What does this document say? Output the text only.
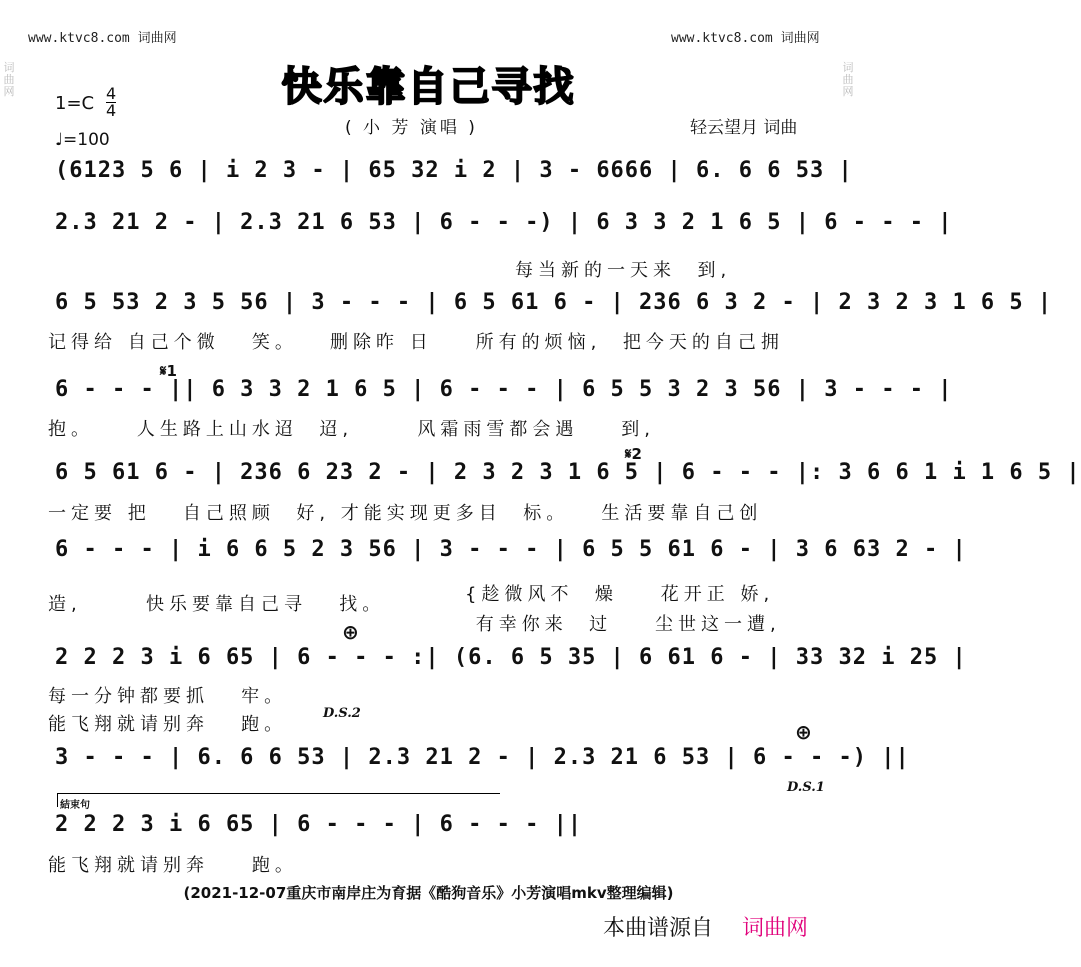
www.ktvc8.com 词曲网	www.ktvc8.com 词曲网
词曲网
词曲网
快乐靠自己寻找
1=C 4
4
♩=100
( 小 芳 演唱 )	轻云望月 词曲
(6123 5 6 | i 2 3 - | 65 32 i 2 | 3 - 6666 | 6. 6 6 53 |
2.3 21 2 - | 2.3 21 6 53 | 6 - - -) | 6 3 3 2 1 6 5 | 6 - - - |
每当新的一天来  到,
6 5 53 2 3 5 56 | 3 - - - | 6 5 61 6 - | 236 6 3 2 - | 2 3 2 3 1 6 5 |
记得给 自己个微   笑。   删除昨 日    所有的烦恼,  把今天的自己拥
𝄋1
6 - - - || 6 3 3 2 1 6 5 | 6 - - - | 6 5 5 3 2 3 56 | 3 - - - |
抱。    人生路上山水迢  迢,      风霜雨雪都会遇    到,
𝄋2
6 5 61 6 - | 236 6 23 2 - | 2 3 2 3 1 6 5 | 6 - - - |: 3 6 6 1 i 1 6 5 |
一定要 把   自己照顾  好, 才能实现更多目  标。   生活要靠自己创
6 - - - | i 6 6 5 2 3 56 | 3 - - - | 6 5 5 61 6 - | 3 6 63 2 - |
造,      快乐要靠自己寻   找。	{趁微风不  燥    花开正 娇,
有幸你来  过    尘世这一遭,
⊕
2 2 2 3 i 6 65 | 6 - - - :| (6. 6 5 35 | 6 61 6 - | 33 32 i 25 |
每一分钟都要抓   牢。
能飞翔就请别奔   跑。
D.S.2
⊕
3 - - - | 6. 6 6 53 | 2.3 21 2 - | 2.3 21 6 53 | 6 - - -) ||
D.S.1
結束句
2 2 2 3 i 6 65 | 6 - - - | 6 - - - ||
能飞翔就请别奔    跑。
(2021-12-07重庆市南岸庄为育据《酷狗音乐》小芳演唱mkv整理编辑)
本曲谱源自 词曲网
